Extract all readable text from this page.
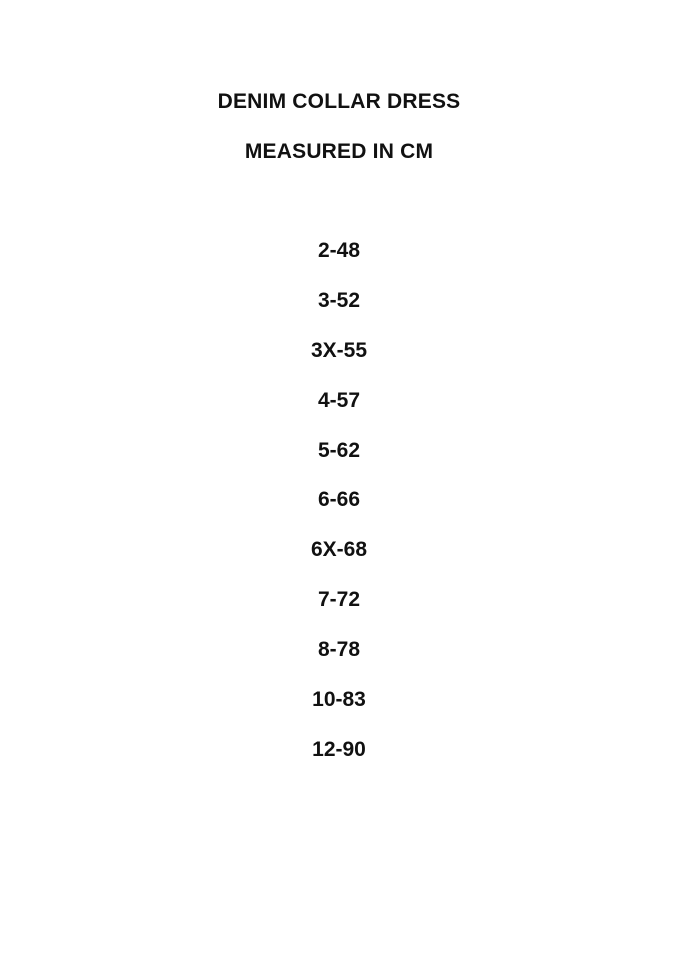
DENIM COLLAR DRESS
MEASURED IN CM
2-48
3-52
3X-55
4-57
5-62
6-66
6X-68
7-72
8-78
10-83
12-90
